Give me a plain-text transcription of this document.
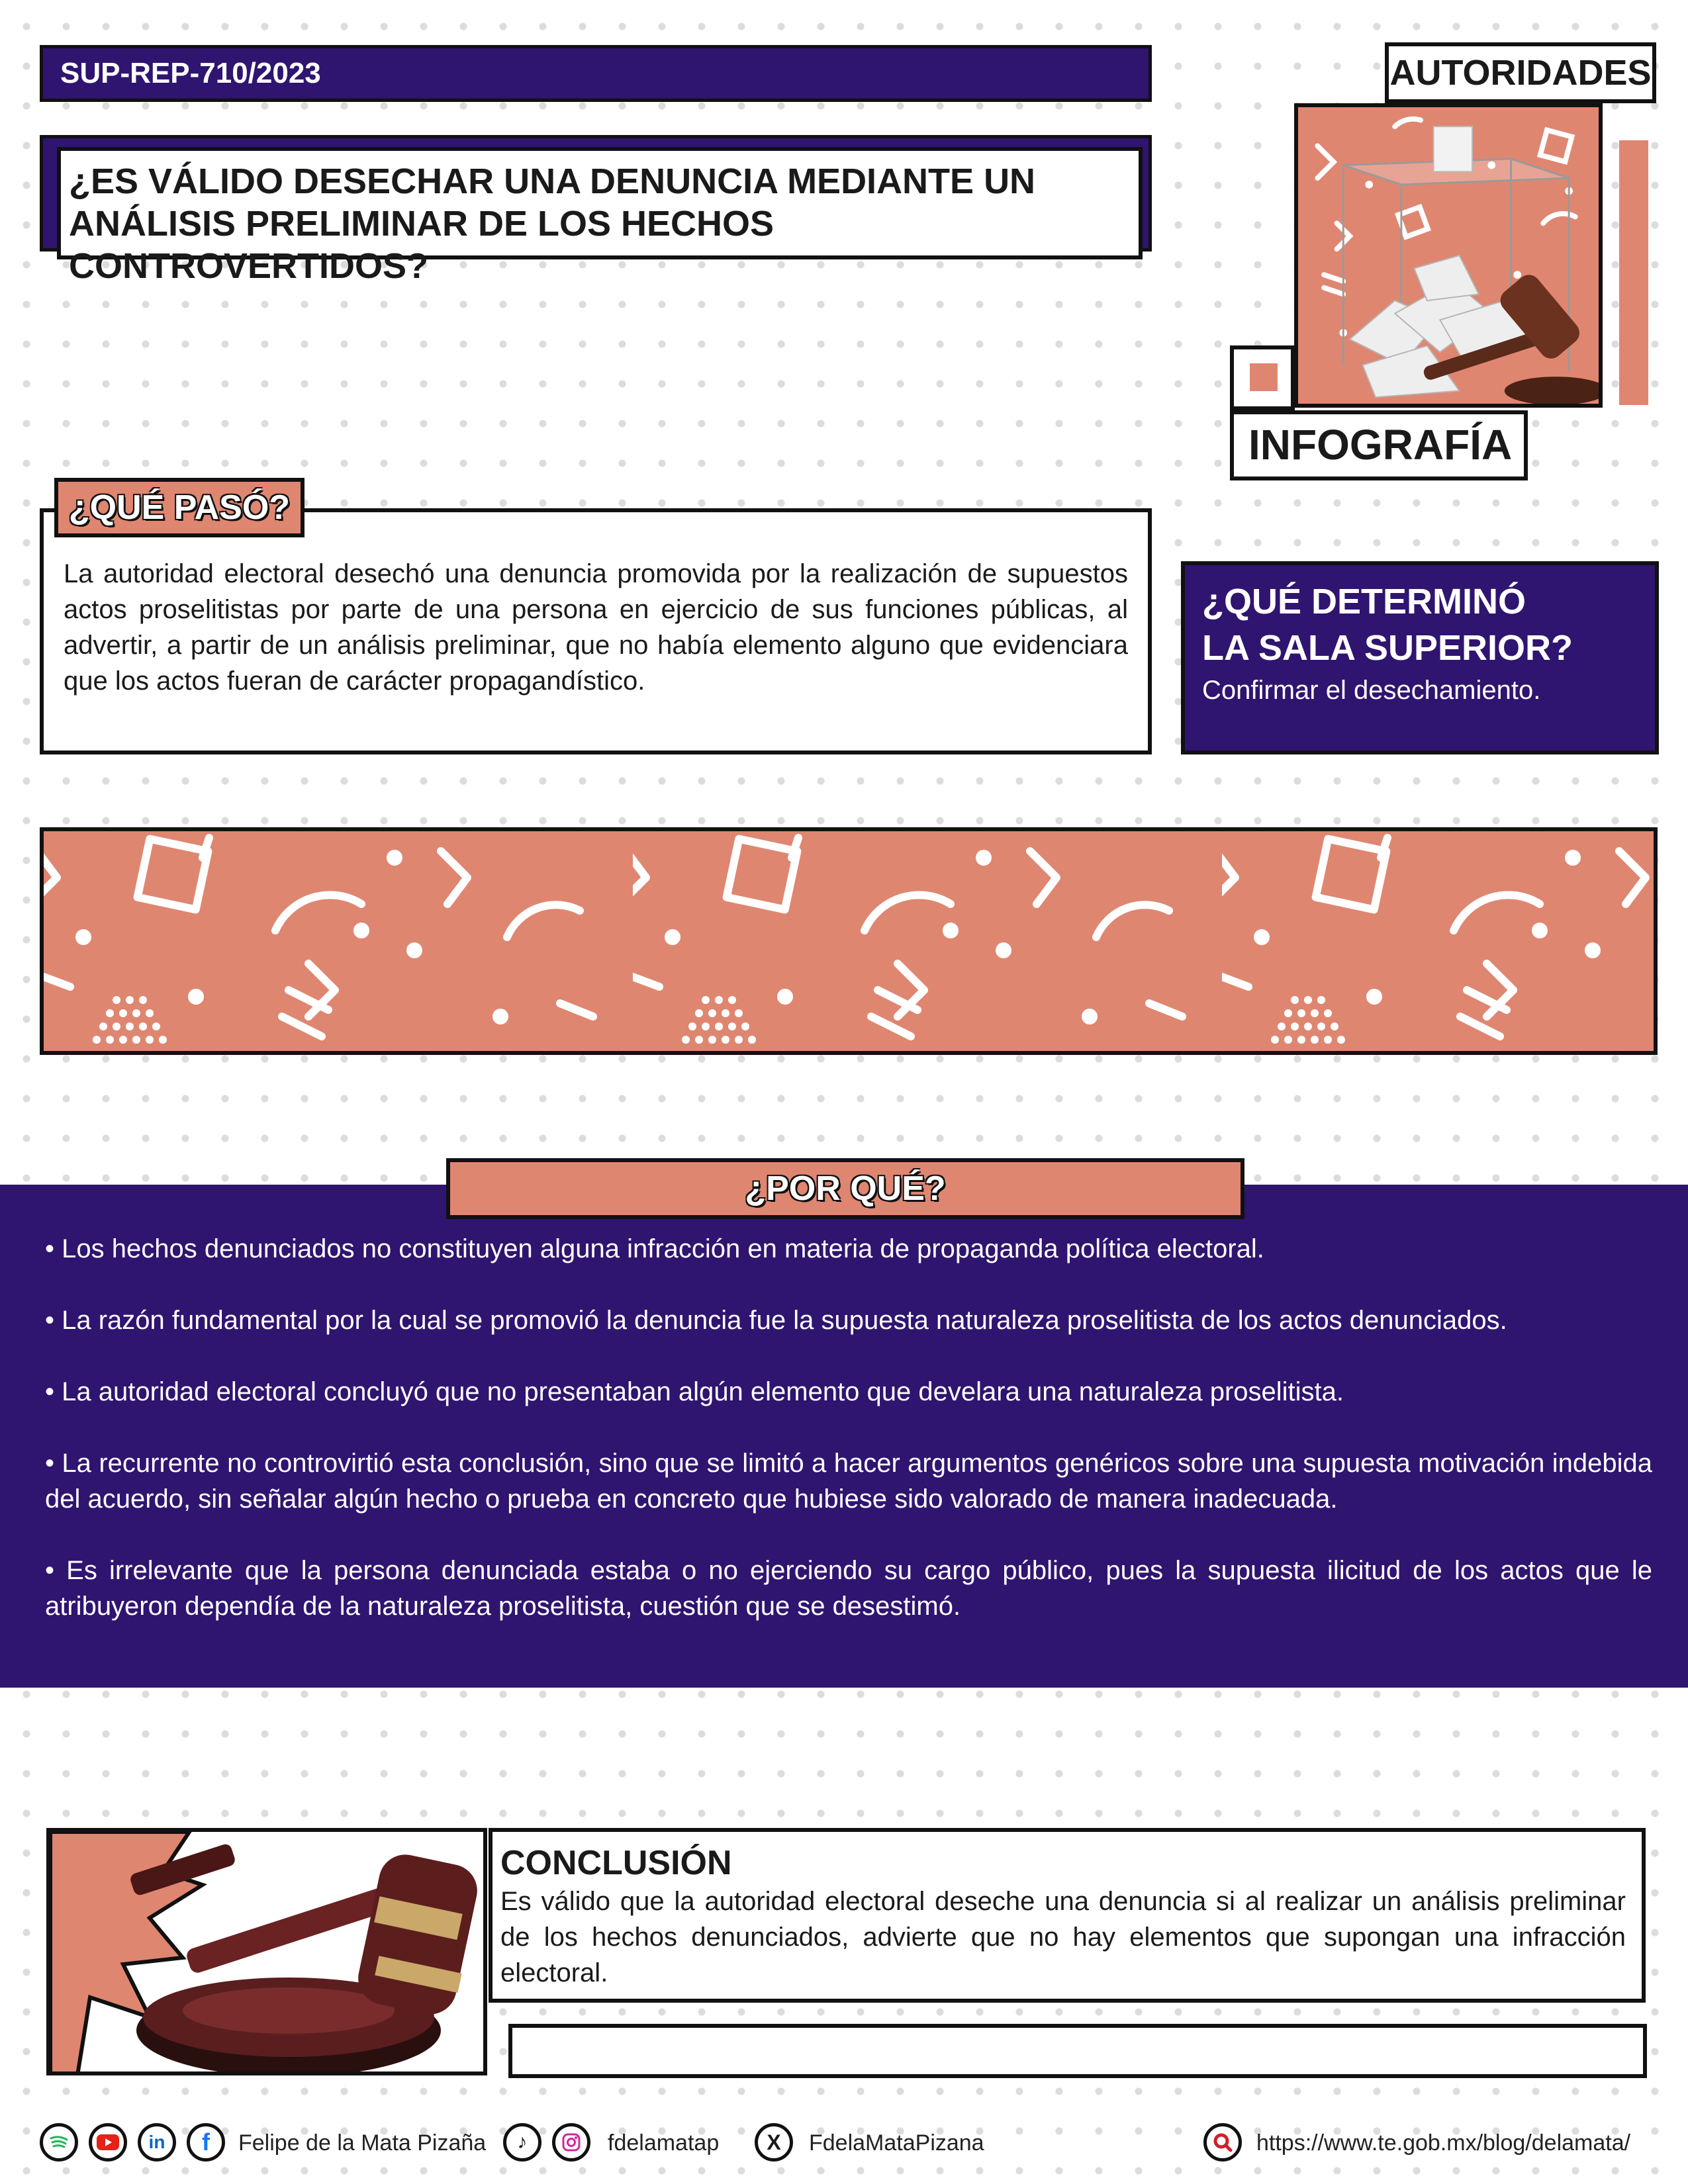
SUP-REP-710/2023
¿ES VÁLIDO DESECHAR UNA DENUNCIA MEDIANTE UN ANÁLISIS PRELIMINAR DE LOS HECHOS CONTROVERTIDOS?
AUTORIDADES
INFOGRAFÍA

La autoridad electoral desechó una denuncia promovida por la realización de supuestos actos proselitistas por parte de una persona en ejercicio de sus funciones públicas, al advertir, a partir de un análisis preliminar, que no había elemento alguno que evidenciara que los actos fueran de carácter propagandístico.

¿QUÉ PASÓ?
¿QUÉ DETERMINÓ
LA SALA SUPERIOR?
Confirmar el desechamiento.
¿POR QUÉ?

• Los hechos denunciados no constituyen alguna infracción en materia de propaganda política electoral.

• La razón fundamental por la cual se promovió la denuncia fue la supuesta naturaleza proselitista de los actos denunciados.

• La autoridad electoral concluyó que no presentaban algún elemento que develara una naturaleza proselitista.

• La recurrente no controvirtió esta conclusión, sino que se limitó a hacer argumentos genéricos sobre una supuesta motivación indebida del acuerdo, sin señalar algún hecho o prueba en concreto que hubiese sido valorado de manera inadecuada.

• Es irrelevante que la persona denunciada estaba o no ejerciendo su cargo público, pues la supuesta ilicitud de los actos que le atribuyeron dependía de la naturaleza proselitista, cuestión que se desestimó.

CONCLUSIÓN

Es válido que la autoridad electoral deseche una denuncia si al realizar un análisis preliminar de los hechos denunciados, advierte que no hay elementos que supongan una infracción electoral.

in	f	Felipe de la Mata Pizaña	♪	fdelamatap	X	FdelaMataPizana	https://www.te.gob.mx/blog/delamata/
